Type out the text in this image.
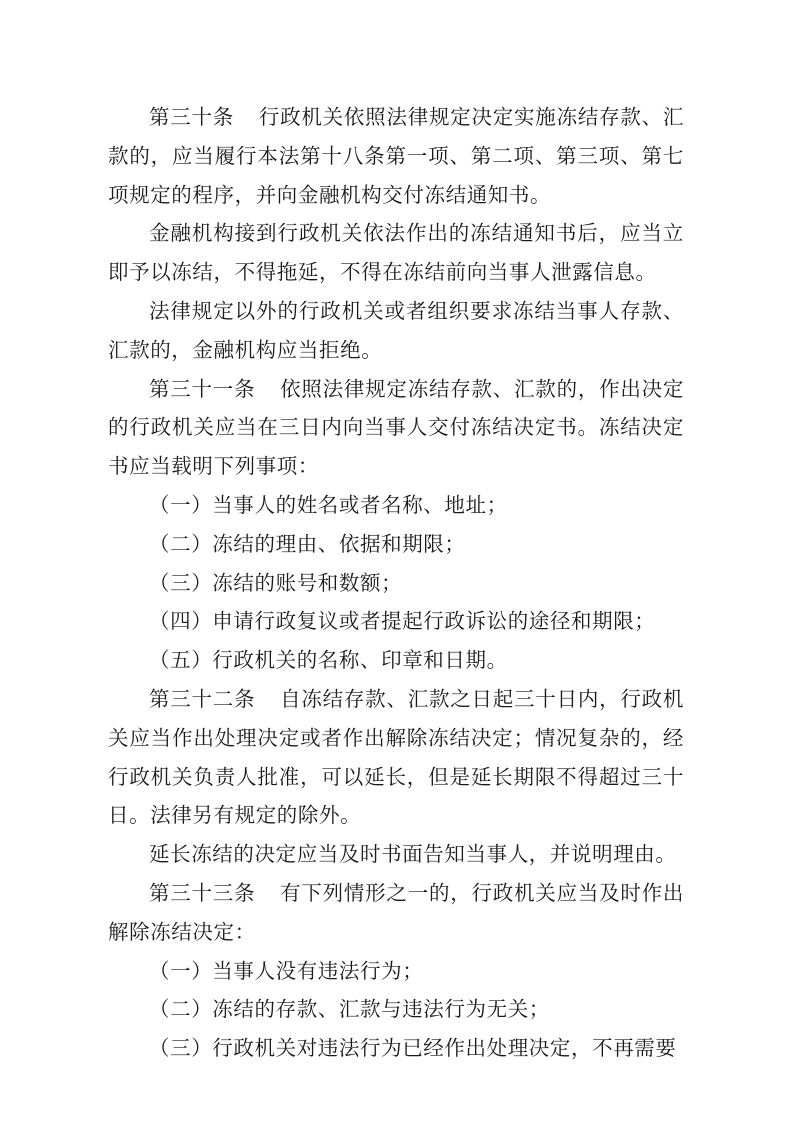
第三十条 行政机关依照法律规定决定实施冻结存款、汇款的，应当履行本法第十八条第一项、第二项、第三项、第七项规定的程序，并向金融机构交付冻结通知书。

金融机构接到行政机关依法作出的冻结通知书后，应当立即予以冻结，不得拖延，不得在冻结前向当事人泄露信息。

法律规定以外的行政机关或者组织要求冻结当事人存款、汇款的，金融机构应当拒绝。

第三十一条 依照法律规定冻结存款、汇款的，作出决定的行政机关应当在三日内向当事人交付冻结决定书。冻结决定书应当载明下列事项：

（一）当事人的姓名或者名称、地址；

（二）冻结的理由、依据和期限；

（三）冻结的账号和数额；

（四）申请行政复议或者提起行政诉讼的途径和期限；

（五）行政机关的名称、印章和日期。

第三十二条 自冻结存款、汇款之日起三十日内，行政机关应当作出处理决定或者作出解除冻结决定；情况复杂的，经行政机关负责人批准，可以延长，但是延长期限不得超过三十日。法律另有规定的除外。

延长冻结的决定应当及时书面告知当事人，并说明理由。

第三十三条 有下列情形之一的，行政机关应当及时作出解除冻结决定：

（一）当事人没有违法行为；

（二）冻结的存款、汇款与违法行为无关；

（三）行政机关对违法行为已经作出处理决定，不再需要
